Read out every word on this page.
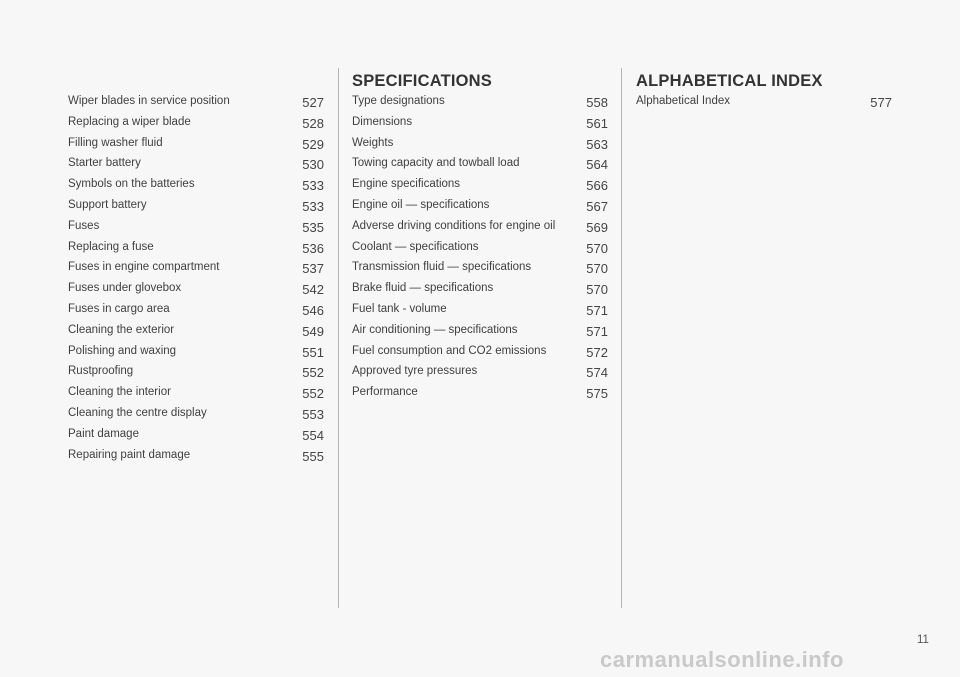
Wiper blades in service position	527
Replacing a wiper blade	528
Filling washer fluid	529
Starter battery	530
Symbols on the batteries	533
Support battery	533
Fuses	535
Replacing a fuse	536
Fuses in engine compartment	537
Fuses under glovebox	542
Fuses in cargo area	546
Cleaning the exterior	549
Polishing and waxing	551
Rustproofing	552
Cleaning the interior	552
Cleaning the centre display	553
Paint damage	554
Repairing paint damage	555
SPECIFICATIONS
Type designations	558
Dimensions	561
Weights	563
Towing capacity and towball load	564
Engine specifications	566
Engine oil — specifications	567
Adverse driving conditions for engine oil 569
Coolant — specifications	570
Transmission fluid — specifications	570
Brake fluid — specifications	570
Fuel tank - volume	571
Air conditioning — specifications	571
Fuel consumption and CO2 emissions	572
Approved tyre pressures	574
Performance	575
ALPHABETICAL INDEX
Alphabetical Index	577
11
carmanualsonline.info
